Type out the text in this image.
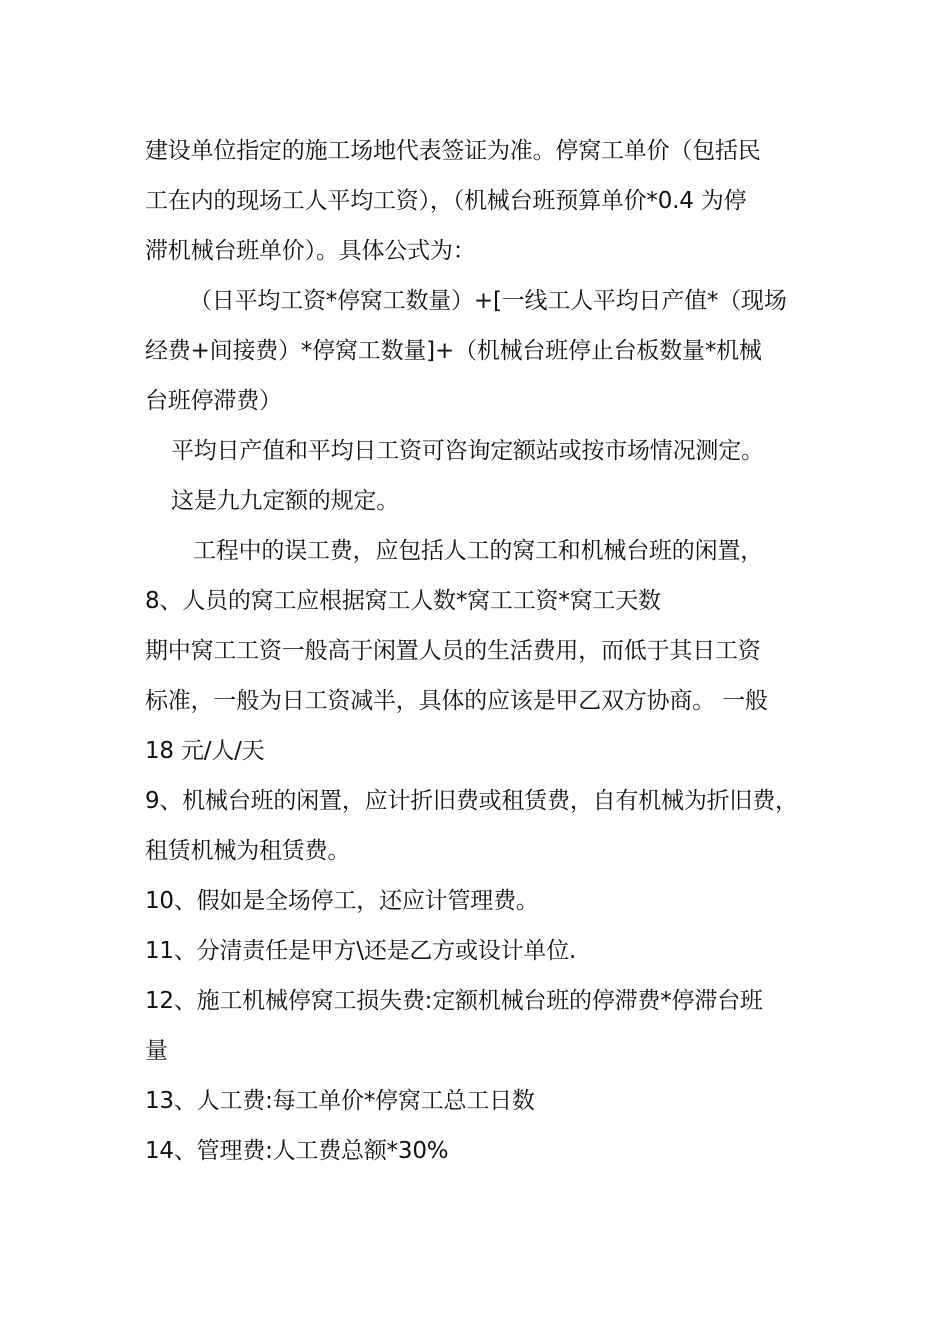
建设单位指定的施工场地代表签证为准。停窝工单价（包括民
工在内的现场工人平均工资），（机械台班预算单价*0.4 为停
滞机械台班单价）。具体公式为：
（日平均工资*停窝工数量）+[一线工人平均日产值*（现场
经费+间接费）*停窝工数量]+（机械台班停止台板数量*机械
台班停滞费）
平均日产值和平均日工资可咨询定额站或按市场情况测定。
这是九九定额的规定。
工程中的误工费，应包括人工的窝工和机械台班的闲置，
8、人员的窝工应根据窝工人数*窝工工资*窝工天数
期中窝工工资一般高于闲置人员的生活费用，而低于其日工资
标准，一般为日工资减半，具体的应该是甲乙双方协商。 一般
18 元/人/天
9、机械台班的闲置，应计折旧费或租赁费，自有机械为折旧费，
租赁机械为租赁费。
10、假如是全场停工，还应计管理费。
11、分清责任是甲方\还是乙方或设计单位.
12、施工机械停窝工损失费:定额机械台班的停滞费*停滞台班
量
13、人工费:每工单价*停窝工总工日数
14、管理费:人工费总额*30%
